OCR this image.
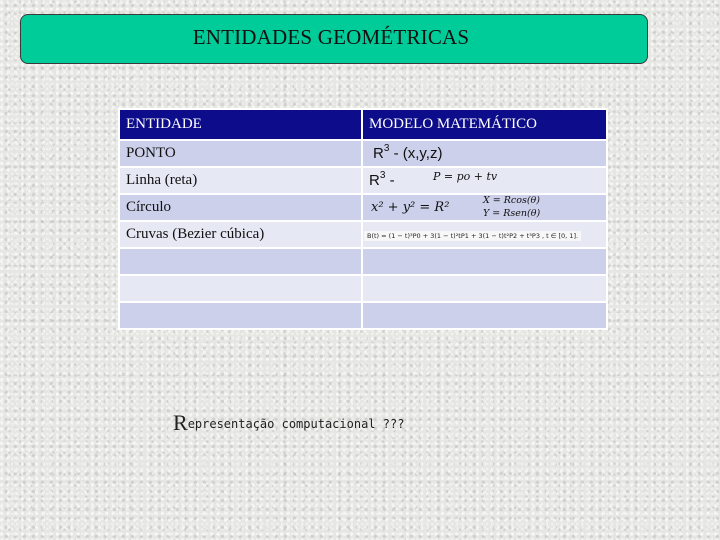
ENTIDADES GEOMÉTRICAS
ENTIDADE	MODELO MATEMÁTICO
PONTO	$R^3 - (x,y,z)$
Linha (reta)	$R^3$ - P = po + tv

Círculo	x² + y² = R² X = Rcos(θ)
Y = Rsen(θ)

Cruvas (Bezier cúbica)	B(t) = (1 − t)³P0 + 3(1 − t)²tP1 + 3(1 − t)t²P2 + t³P3 , t ∈ [0, 1].

Representação computacional ???
